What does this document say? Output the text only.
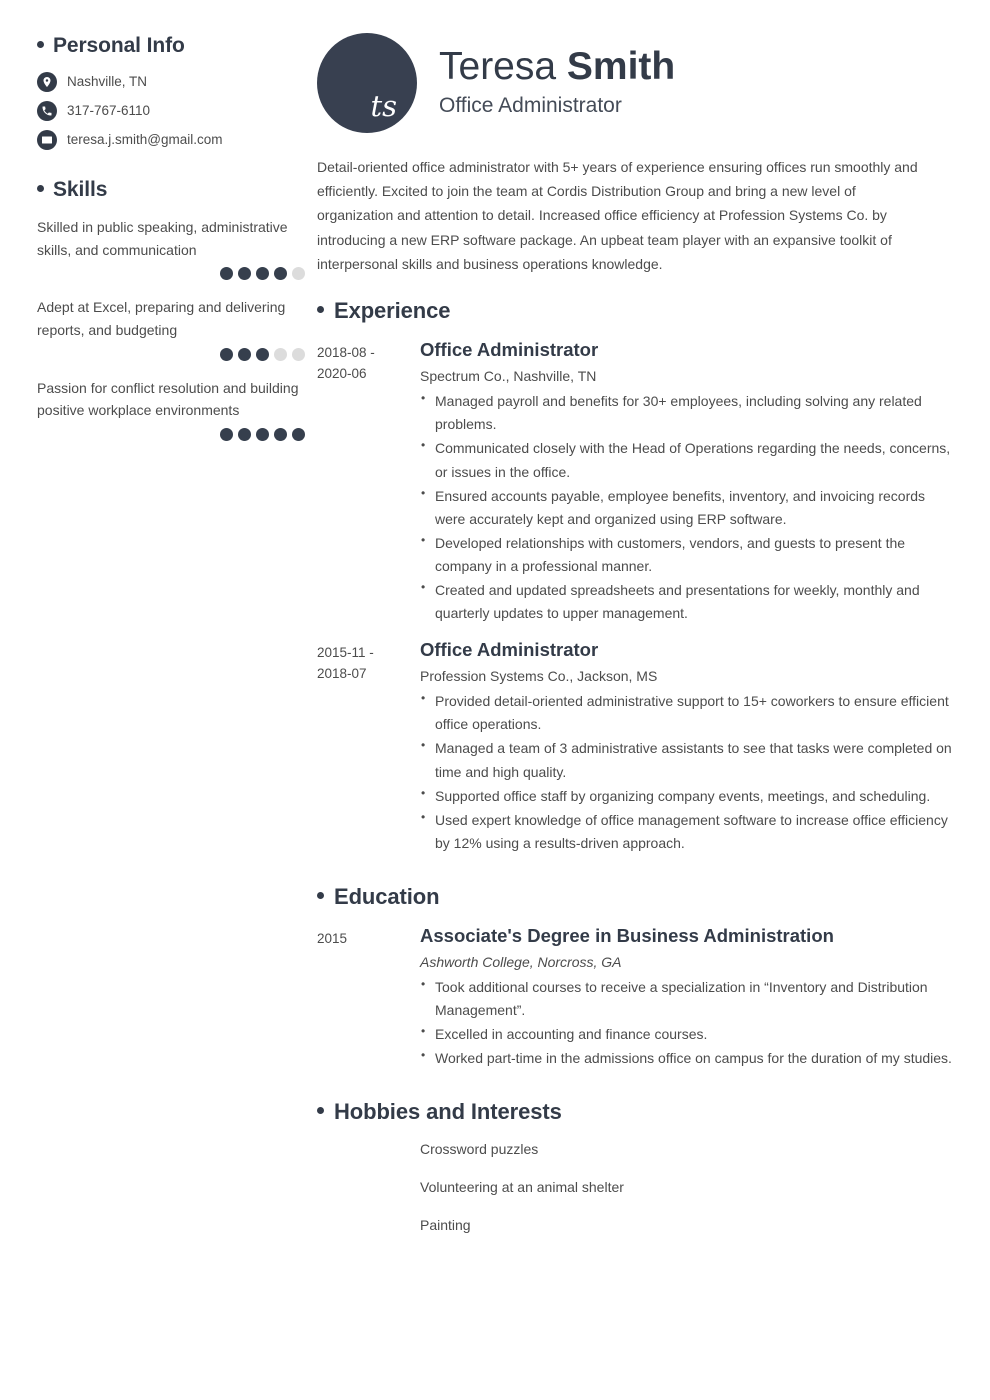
Personal Info
Nashville, TN
317-767-6110
teresa.j.smith@gmail.com
Skills

Skilled in public speaking, administrative skills, and communication

Adept at Excel, preparing and delivering reports, and budgeting

Passion for conflict resolution and building positive workplace environments

ts
Teresa Smith
Office Administrator

Detail-oriented office administrator with 5+ years of experience ensuring offices run smoothly and efficiently. Excited to join the team at Cordis Distribution Group and bring a new level of organization and attention to detail. Increased office efficiency at Profession Systems Co. by introducing a new ERP software package. An upbeat team player with an expansive toolkit of interpersonal skills and business operations knowledge.

Experience
2018-08 - 2020-06
Office Administrator
Spectrum Co., Nashville, TN
• Managed payroll and benefits for 30+ employees, including solving any related problems.
• Communicated closely with the Head of Operations regarding the needs, concerns, or issues in the office.
• Ensured accounts payable, employee benefits, inventory, and invoicing records were accurately kept and organized using ERP software.
• Developed relationships with customers, vendors, and guests to present the company in a professional manner.
• Created and updated spreadsheets and presentations for weekly, monthly and quarterly updates to upper management.
2015-11 - 2018-07
Office Administrator
Profession Systems Co., Jackson, MS
• Provided detail-oriented administrative support to 15+ coworkers to ensure efficient office operations.
• Managed a team of 3 administrative assistants to see that tasks were completed on time and high quality.
• Supported office staff by organizing company events, meetings, and scheduling.
• Used expert knowledge of office management software to increase office efficiency by 12% using a results-driven approach.
Education
2015	Associate's Degree in Business Administration
Ashworth College, Norcross, GA
• Took additional courses to receive a specialization in “Inventory and Distribution Management”.
• Excelled in accounting and finance courses.
• Worked part-time in the admissions office on campus for the duration of my studies.
Hobbies and Interests
Crossword puzzles
Volunteering at an animal shelter
Painting
